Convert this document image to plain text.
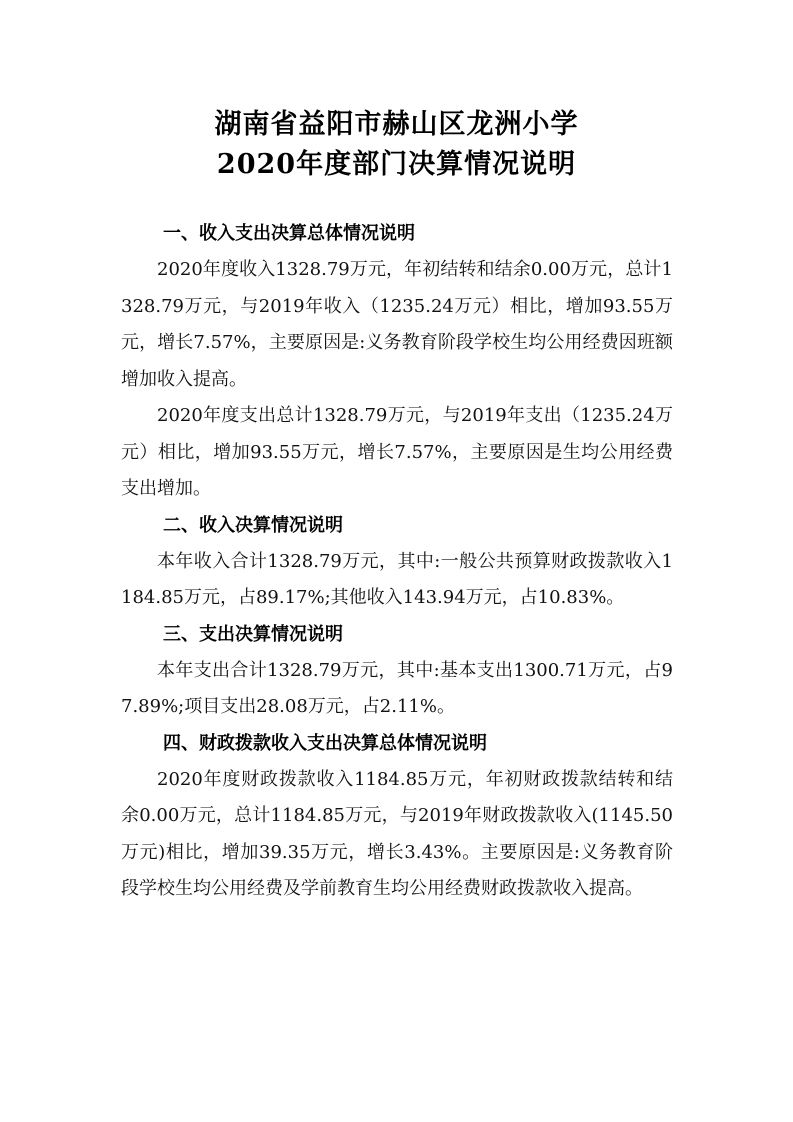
湖南省益阳市赫山区龙洲小学
2020年度部门决算情况说明

一、收入支出决算总体情况说明

2020年度收入1328.79万元，年初结转和结余0.00万元，总计1328.79万元，与2019年收入（1235.24万元）相比，增加93.55万元，增长7.57%，主要原因是:义务教育阶段学校生均公用经费因班额增加收入提高。

2020年度支出总计1328.79万元，与2019年支出（1235.24万元）相比，增加93.55万元，增长7.57%，主要原因是生均公用经费支出增加。

二、收入决算情况说明

本年收入合计1328.79万元，其中:一般公共预算财政拨款收入1184.85万元，占89.17%;其他收入143.94万元，占10.83%。

三、支出决算情况说明

本年支出合计1328.79万元，其中:基本支出1300.71万元，占97.89%;项目支出28.08万元，占2.11%。

四、财政拨款收入支出决算总体情况说明

2020年度财政拨款收入1184.85万元，年初财政拨款结转和结余0.00万元，总计1184.85万元，与2019年财政拨款收入(1145.50万元)相比，增加39.35万元，增长3.43%。主要原因是:义务教育阶段学校生均公用经费及学前教育生均公用经费财政拨款收入提高。
